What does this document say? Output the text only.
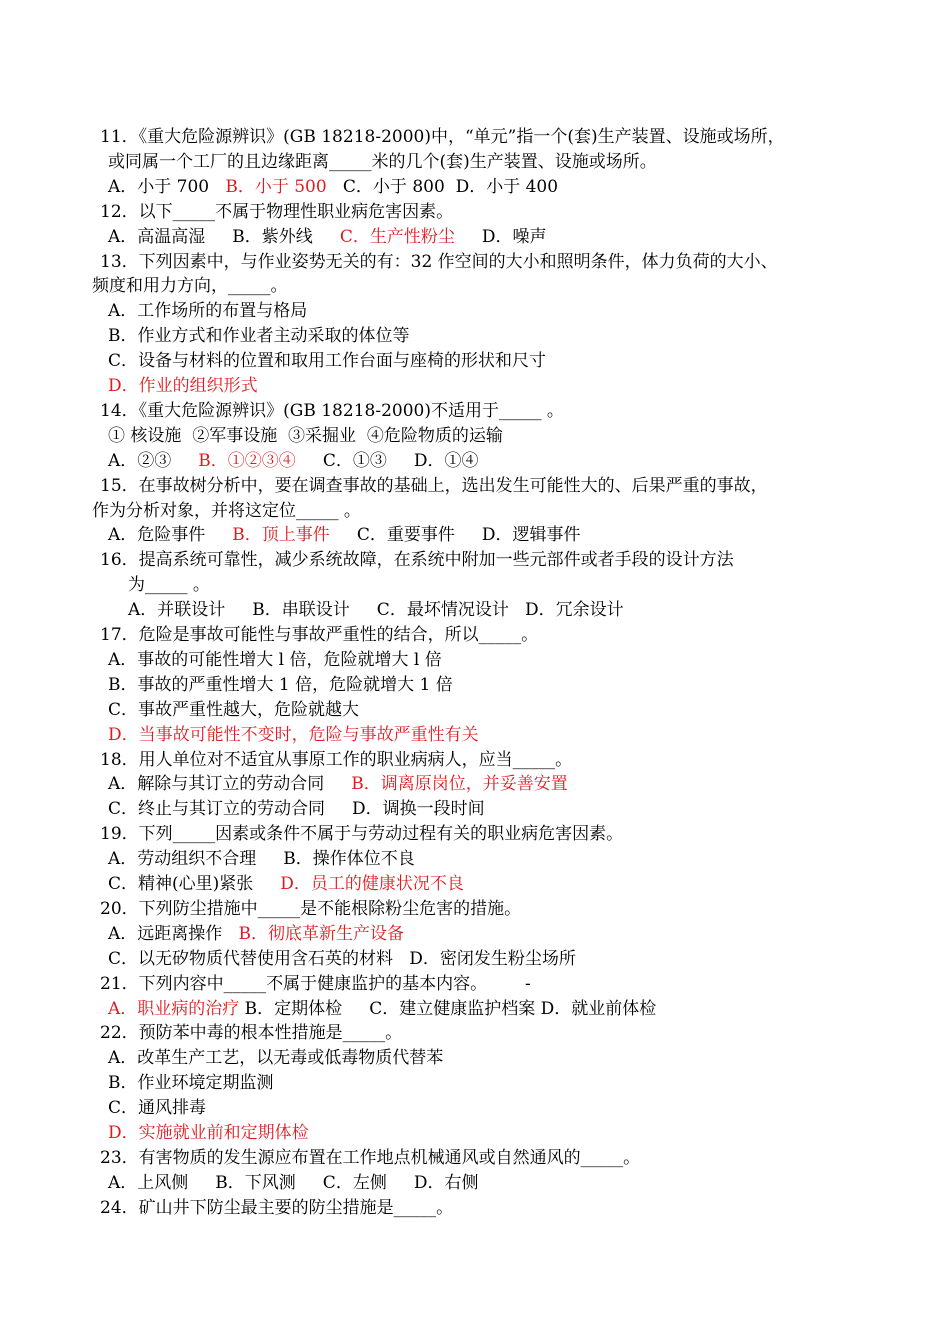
11．《重大危险源辨识》(GB 18218-2000)中，“单元”指一个(套)生产装置、设施或场所，
或同属一个工厂的且边缘距离_____米的几个(套)生产装置、设施或场所。
A．小于 700   B．小于 500   C．小于 800  D．小于 400
12．以下_____不属于物理性职业病危害因素。
A．高温高湿     B．紫外线     C．生产性粉尘     D．噪声
13．下列因素中，与作业姿势无关的有：32 作空间的大小和照明条件，体力负荷的大小、
频度和用力方向，_____。
A．工作场所的布置与格局
B．作业方式和作业者主动采取的体位等
C．设备与材料的位置和取用工作台面与座椅的形状和尺寸
D．作业的组织形式
14．《重大危险源辨识》(GB 18218-2000)不适用于_____ 。
① 核设施  ②军事设施  ③采掘业  ④危险物质的运输
A．②③     B．①②③④     C．①③     D．①④
15．在事故树分析中，要在调查事故的基础上，选出发生可能性大的、后果严重的事故，
作为分析对象，并将这定位_____ 。
A．危险事件     B．顶上事件     C．重要事件     D．逻辑事件
16．提高系统可靠性，减少系统故障，在系统中附加一些元部件或者手段的设计方法
为_____ 。
A．并联设计     B．串联设计     C．最坏情况设计   D．冗余设计
17．危险是事故可能性与事故严重性的结合，所以_____。
A．事故的可能性增大 l 倍，危险就增大 l 倍
B．事故的严重性增大 1 倍，危险就增大 1 倍
C．事故严重性越大，危险就越大
D．当事故可能性不变时，危险与事故严重性有关
18．用人单位对不适宜从事原工作的职业病病人，应当_____。
A．解除与其订立的劳动合同     B．调离原岗位，并妥善安置
C．终止与其订立的劳动合同     D．调换一段时间
19．下列_____因素或条件不属于与劳动过程有关的职业病危害因素。
A．劳动组织不合理     B．操作体位不良
C．精神(心里)紧张     D．员工的健康状况不良
20．下列防尘措施中_____是不能根除粉尘危害的措施。
A．远距离操作   B．彻底革新生产设备
C．以无矽物质代替使用含石英的材料   D．密闭发生粉尘场所
21．下列内容中_____不属于健康监护的基本内容。       -
A．职业病的治疗 B．定期体检     C．建立健康监护档案 D．就业前体检
22．预防苯中毒的根本性措施是_____。
A．改革生产工艺，以无毒或低毒物质代替苯
B．作业环境定期监测
C．通风排毒
D．实施就业前和定期体检
23．有害物质的发生源应布置在工作地点机械通风或自然通风的_____。
A．上风侧     B．下风测     C．左侧     D．右侧
24．矿山井下防尘最主要的防尘措施是_____。
